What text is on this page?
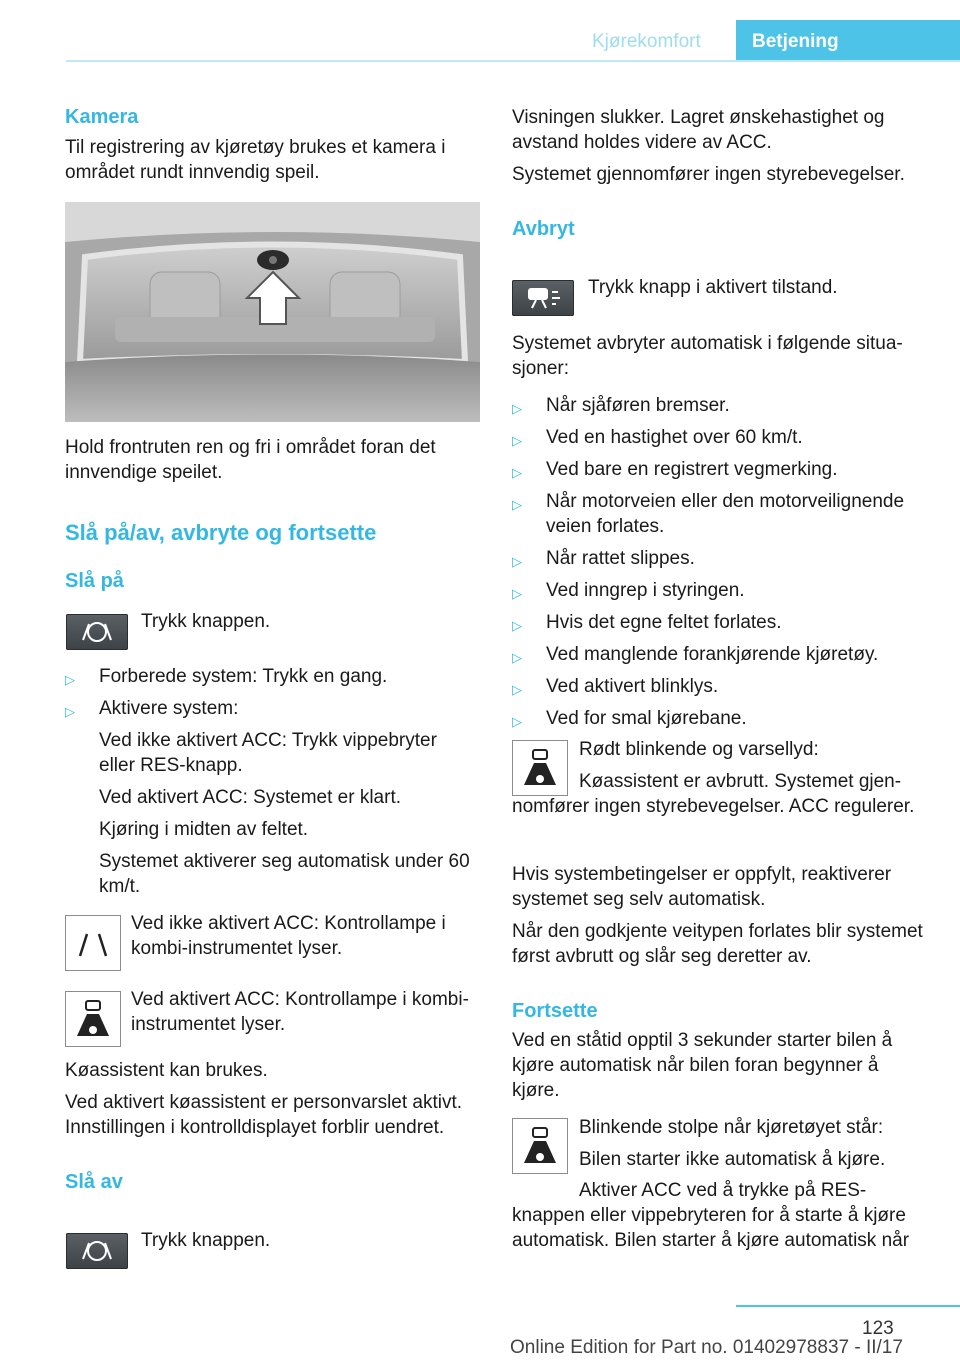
Kjørekomfort	Betjening

Kamera

Til registrering av kjøretøy brukes et kamera i området rundt innvendig speil.

Hold frontruten ren og fri i området foran det innvendige speilet.

Slå på/av, avbryte og fortsette

Slå på

Trykk knappen.

▷ Forberede system: Trykk en gang.

▷ Aktivere system:

Ved ikke aktivert ACC: Trykk vippebryter eller RES-knapp.

Ved aktivert ACC: Systemet er klart.

Kjøring i midten av feltet.

Systemet aktiverer seg automatisk under 60 km/t.

Ved ikke aktivert ACC: Kontrollampe i kombi-instrumentet lyser.
Ved aktivert ACC: Kontrollampe i kombi-instrumentet lyser.

Køassistent kan brukes.

Ved aktivert køassistent er personvarslet aktivt. Innstillingen i kontrolldisplayet forblir uendret.

Slå av

Trykk knappen.

Visningen slukker. Lagret ønskehastighet og avstand holdes videre av ACC.

Systemet gjennomfører ingen styrebevegelser.

Avbryt

Trykk knapp i aktivert tilstand.

Systemet avbryter automatisk i følgende situasjoner:

▷ Når sjåføren bremser.

▷ Ved en hastighet over 60 km/t.

▷ Ved bare en registrert vegmerking.

▷ Når motorveien eller den motorveilignende veien forlates.

▷ Når rattet slippes.

▷ Ved inngrep i styringen.

▷ Hvis det egne feltet forlates.

▷ Ved manglende forankjørende kjøretøy.

▷ Ved aktivert blinklys.

▷ Ved for smal kjørebane.

Rødt blinkende og varsellyd:

Køassistent er avbrutt. Systemet gjennomfører ingen styrebevegelser. ACC regulerer.

Hvis systembetingelser er oppfylt, reaktiverer systemet seg selv automatisk.

Når den godkjente veitypen forlates blir systemet først avbrutt og slår seg deretter av.

Fortsette

Ved en ståtid opptil 3 sekunder starter bilen å kjøre automatisk når bilen foran begynner å kjøre.

Blinkende stolpe når kjøretøyet står:

Bilen starter ikke automatisk å kjøre.

Aktiver ACC ved å trykke på RES-knappen eller vippebryteren for å starte å kjøre automatisk. Bilen starter å kjøre automatisk når
123
Online Edition for Part no. 01402978837 - II/17
